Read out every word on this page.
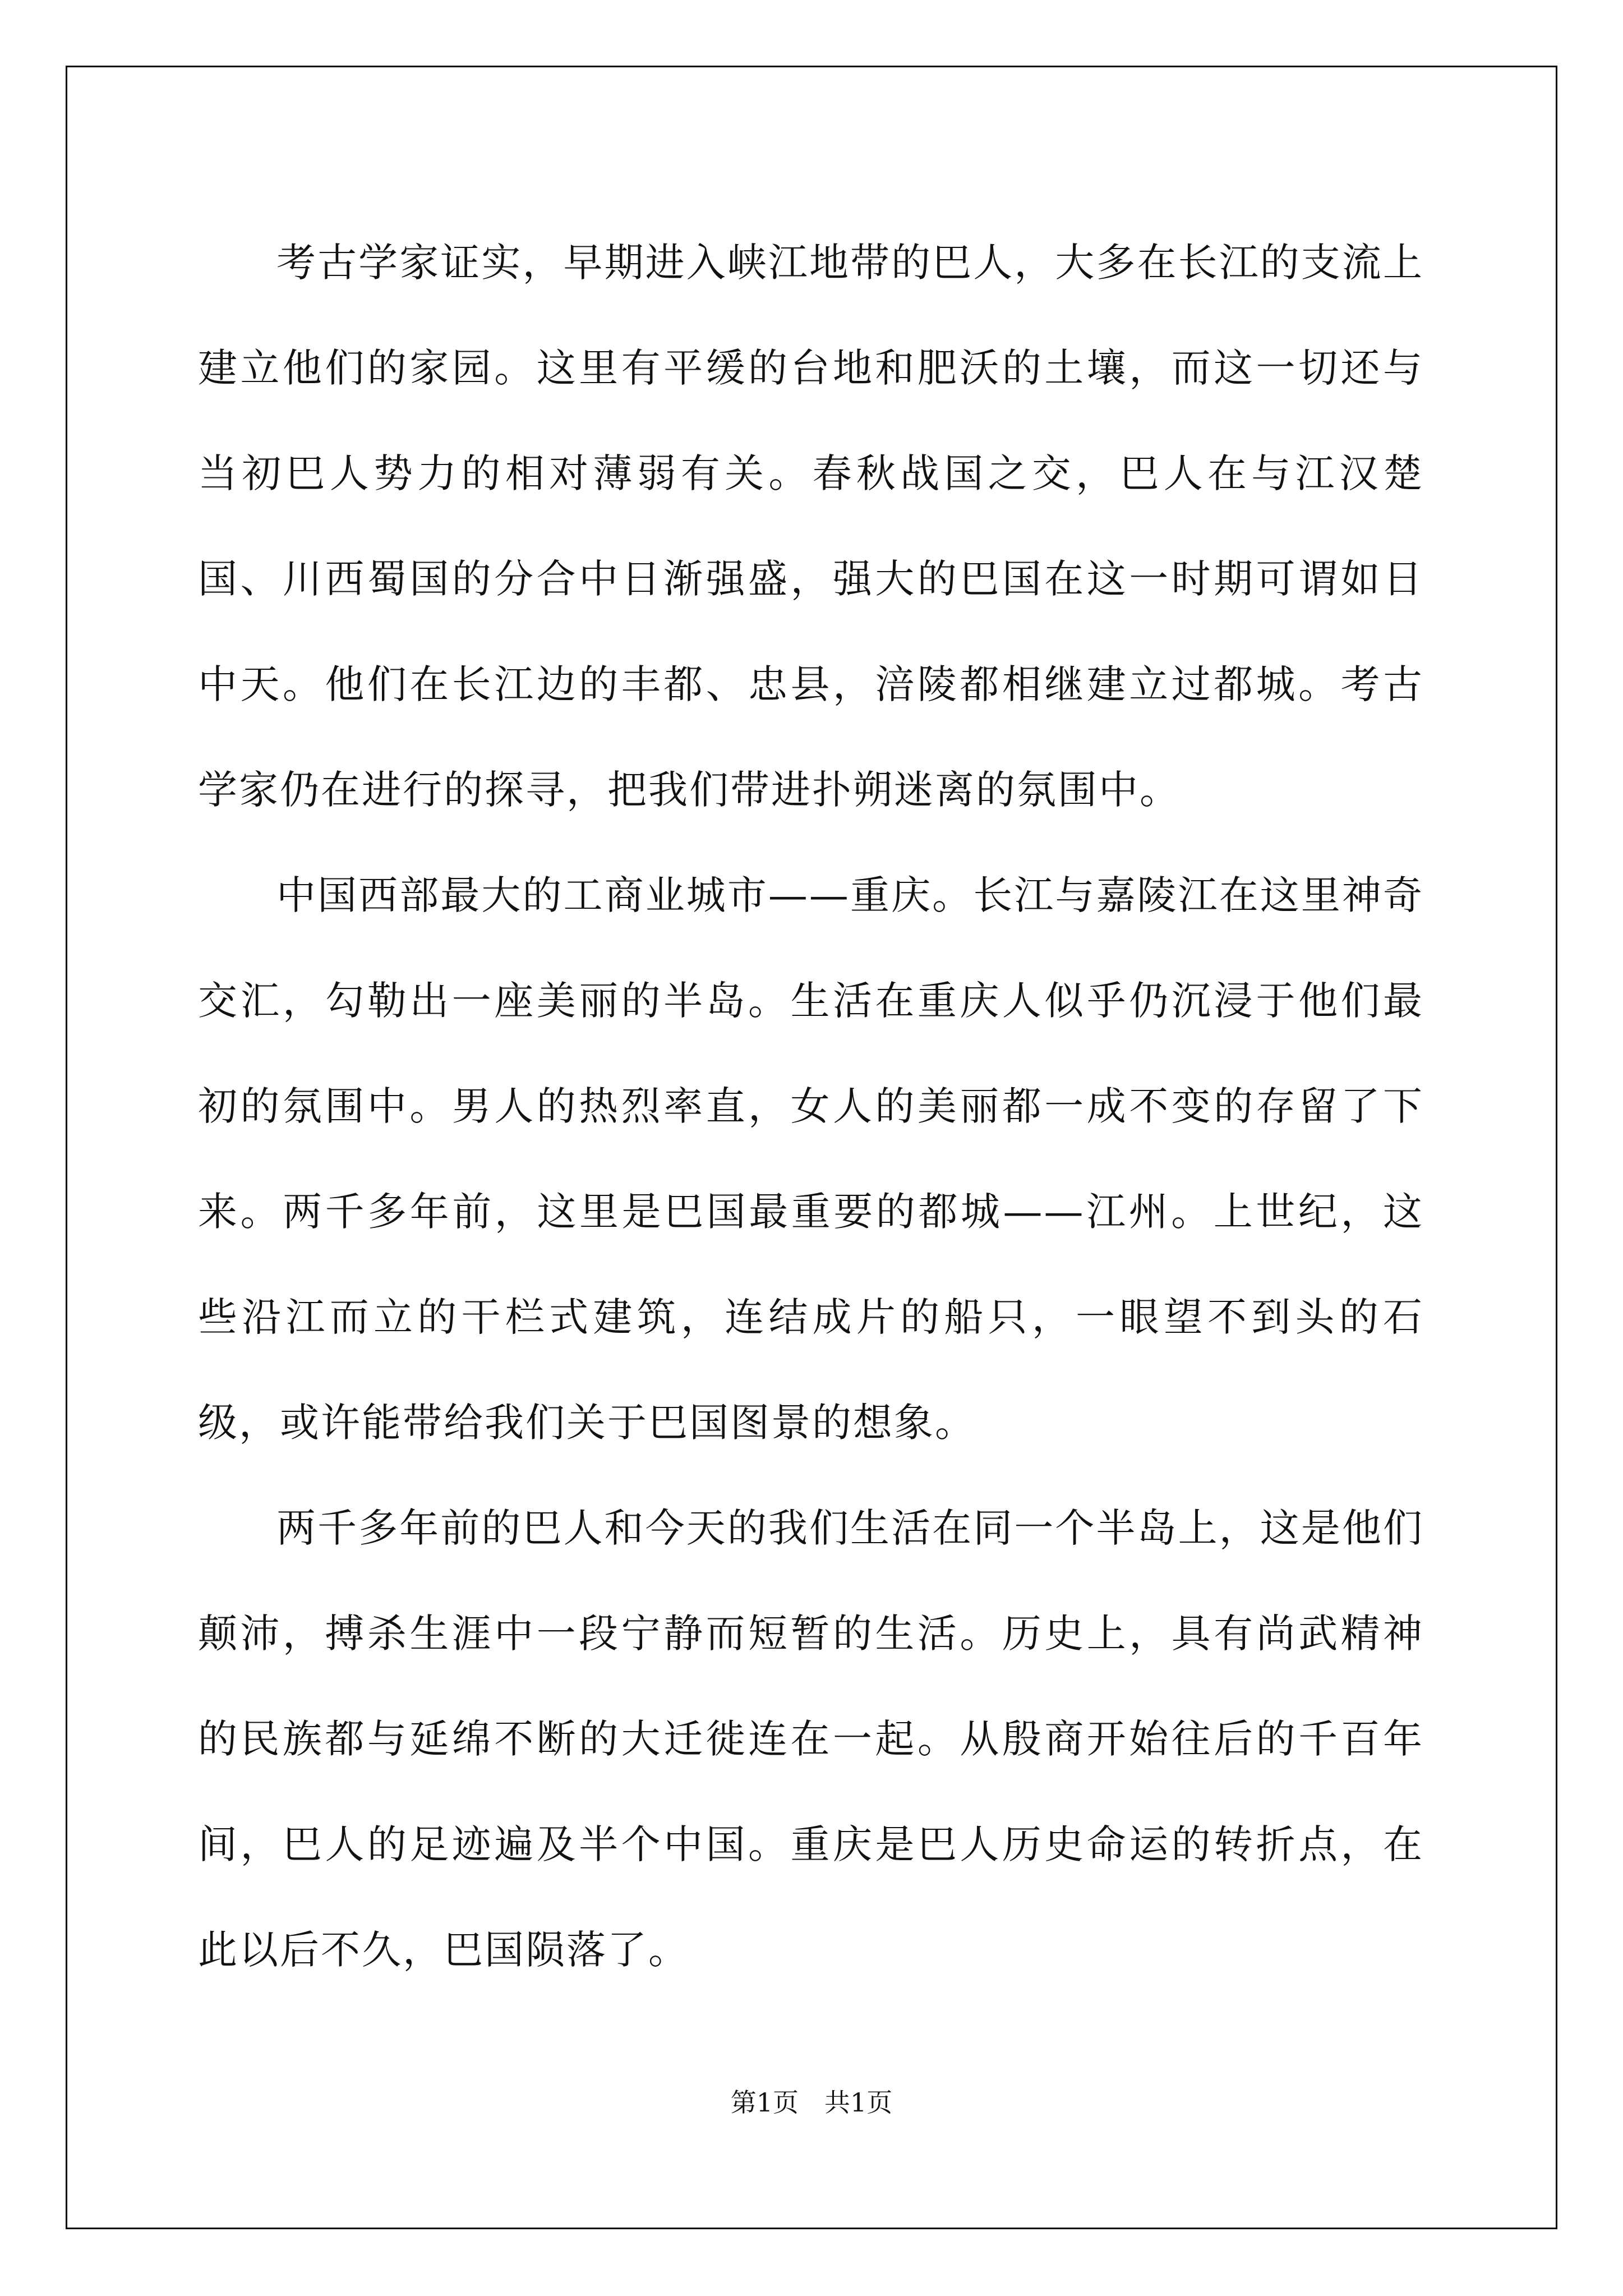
考古学家证实，早期进入峡江地带的巴人，大多在长江的支流上建立他们的家园。这里有平缓的台地和肥沃的土壤，而这一切还与当初巴人势力的相对薄弱有关。春秋战国之交，巴人在与江汉楚国、川西蜀国的分合中日渐强盛，强大的巴国在这一时期可谓如日中天。他们在长江边的丰都、忠县，涪陵都相继建立过都城。考古学家仍在进行的探寻，把我们带进扑朔迷离的氛围中。

中国西部最大的工商业城市——重庆。长江与嘉陵江在这里神奇交汇，勾勒出一座美丽的半岛。生活在重庆人似乎仍沉浸于他们最初的氛围中。男人的热烈率直，女人的美丽都一成不变的存留了下来。两千多年前，这里是巴国最重要的都城——江州。上世纪，这些沿江而立的干栏式建筑，连结成片的船只，一眼望不到头的石级，或许能带给我们关于巴国图景的想象。

两千多年前的巴人和今天的我们生活在同一个半岛上，这是他们颠沛，搏杀生涯中一段宁静而短暂的生活。历史上，具有尚武精神的民族都与延绵不断的大迁徙连在一起。从殷商开始往后的千百年间，巴人的足迹遍及半个中国。重庆是巴人历史命运的转折点，在此以后不久，巴国陨落了。

第1页　共1页
